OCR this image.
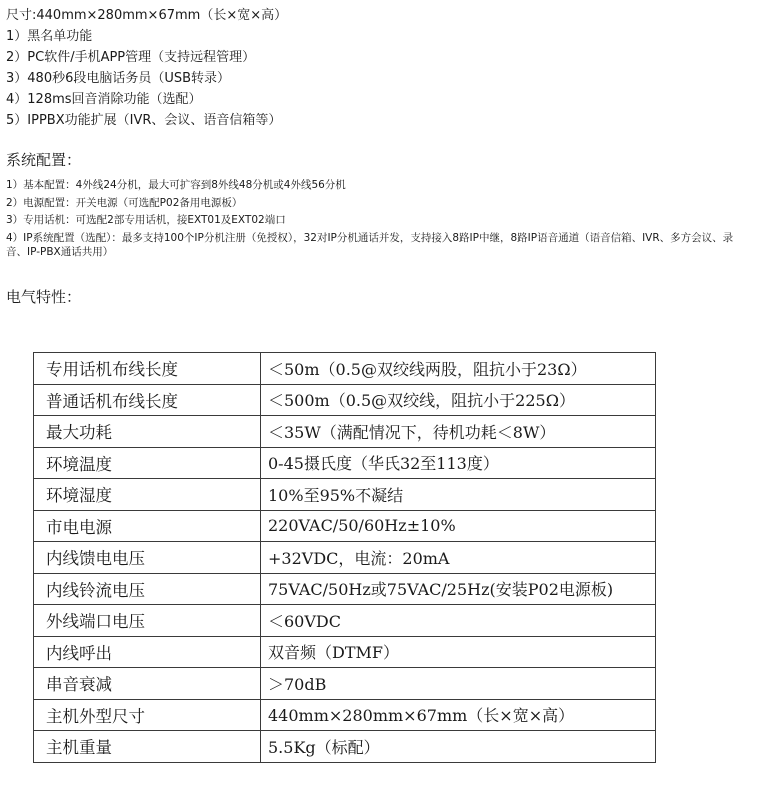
尺寸:440mm×280mm×67mm（长×宽×高）
1）黑名单功能
2）PC软件/手机APP管理（支持远程管理）
3）480秒6段电脑话务员（USB转录）
4）128ms回音消除功能（选配）
5）IPPBX功能扩展（IVR、会议、语音信箱等）
系统配置：
1）基本配置：4外线24分机，最大可扩容到8外线48分机或4外线56分机
2）电源配置：开关电源（可选配P02备用电源板）
3）专用话机：可选配2部专用话机，接EXT01及EXT02端口
4）IP系统配置（选配）：最多支持100个IP分机注册（免授权），32对IP分机通话并发，支持接入8路IP中继，8路IP语音通道（语音信箱、IVR、多方会议、录音、IP-PBX通话共用）
电气特性：
专用话机布线长度	＜50m（0.5@双绞线两股，阻抗小于23Ω）
普通话机布线长度	＜500m（0.5@双绞线，阻抗小于225Ω）
最大功耗	＜35W（满配情况下，待机功耗＜8W）
环境温度	0-45摄氏度（华氏32至113度）
环境湿度	10%至95%不凝结
市电电源	220VAC/50/60Hz±10%
内线馈电电压	+32VDC，电流：20mA
内线铃流电压	75VAC/50Hz或75VAC/25Hz(安装P02电源板)
外线端口电压	＜60VDC
内线呼出	双音频（DTMF）
串音衰减	＞70dB
主机外型尺寸	440mm×280mm×67mm（长×宽×高）
主机重量	5.5Kg（标配）
